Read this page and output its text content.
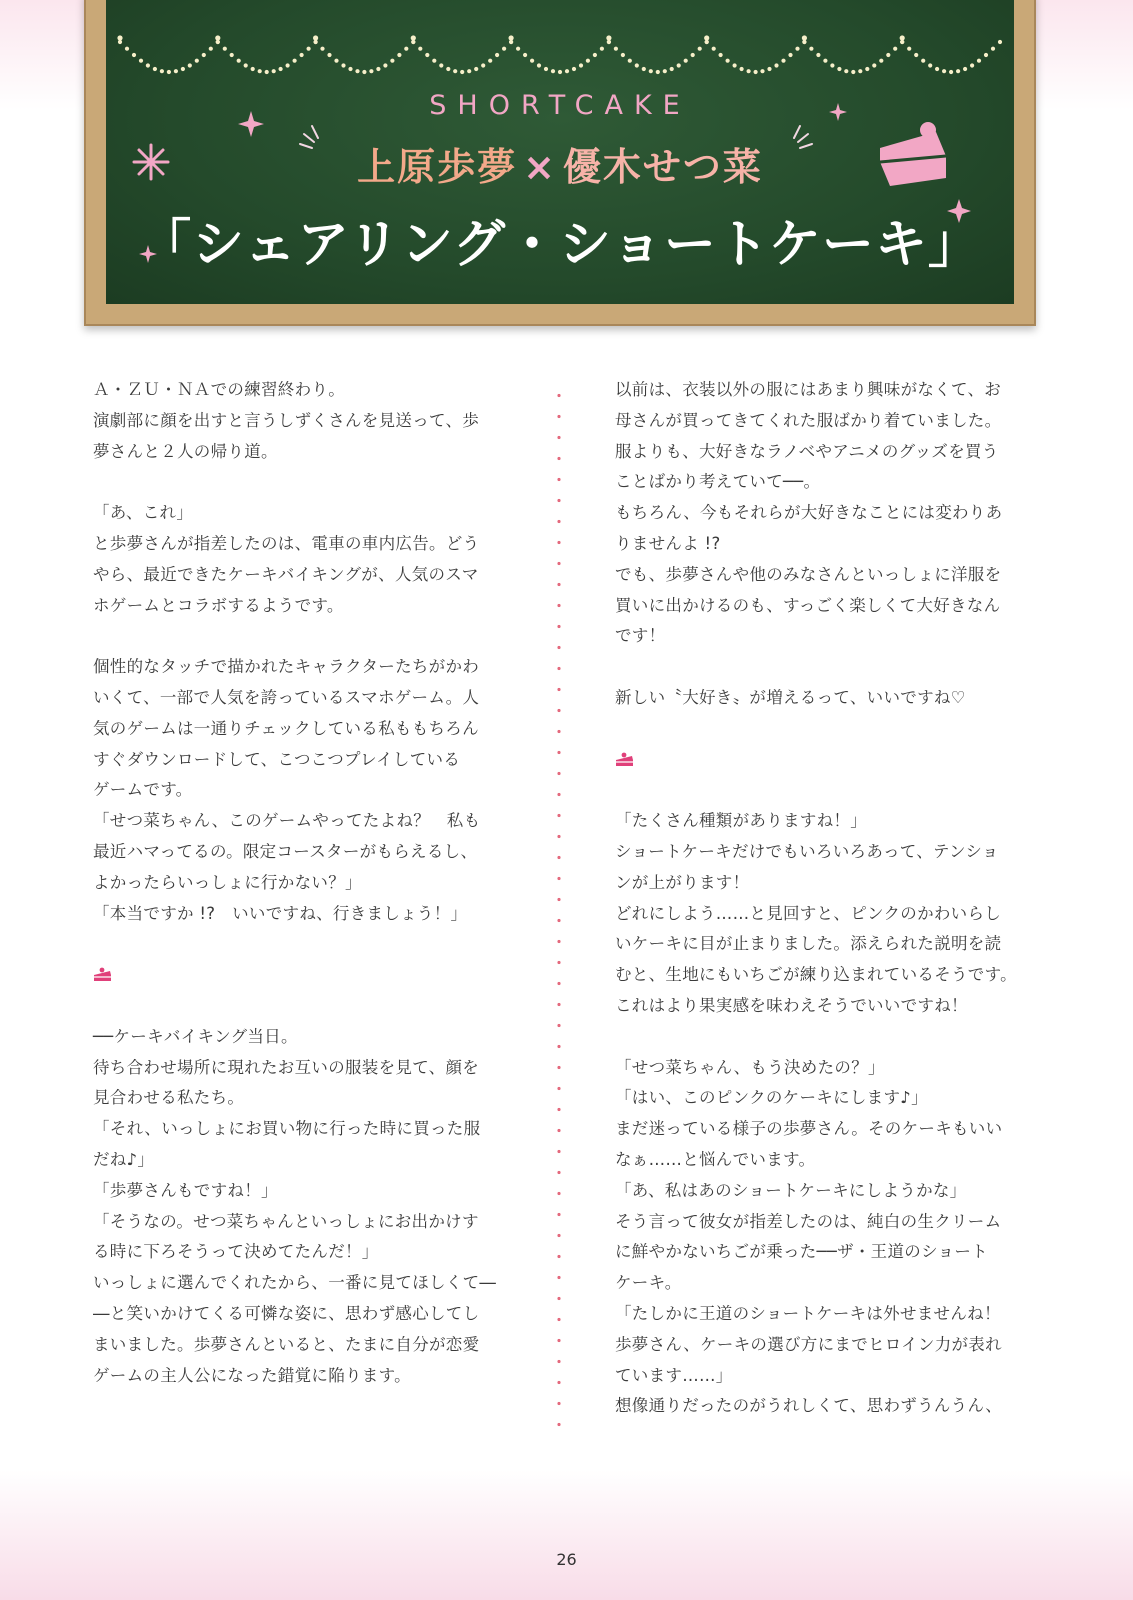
SHORTCAKE
上原歩夢 × 優木せつ菜
「シェアリング・ショートケーキ」

Ａ・ＺＵ・ＮＡでの練習終わり。

演劇部に顔を出すと言うしずくさんを見送って、歩
夢さんと２人の帰り道。

「あ、これ」

と歩夢さんが指差したのは、電車の車内広告。どう
やら、最近できたケーキバイキングが、人気のスマ
ホゲームとコラボするようです。

個性的なタッチで描かれたキャラクターたちがかわ
いくて、一部で人気を誇っているスマホゲーム。人
気のゲームは一通りチェックしている私ももちろん
すぐダウンロードして、こつこつプレイしている
ゲームです。

「せつ菜ちゃん、このゲームやってたよね？　私も
最近ハマってるの。限定コースターがもらえるし、
よかったらいっしょに行かない？」

「本当ですか !?　いいですね、行きましょう！」

──ケーキバイキング当日。

待ち合わせ場所に現れたお互いの服装を見て、顔を
見合わせる私たち。

「それ、いっしょにお買い物に行った時に買った服
だね♪」

「歩夢さんもですね！」

「そうなの。せつ菜ちゃんといっしょにお出かけす
る時に下ろそうって決めてたんだ！」

いっしょに選んでくれたから、一番に見てほしくて―
―と笑いかけてくる可憐な姿に、思わず感心してし
まいました。歩夢さんといると、たまに自分が恋愛
ゲームの主人公になった錯覚に陥ります。

以前は、衣装以外の服にはあまり興味がなくて、お
母さんが買ってきてくれた服ばかり着ていました。
服よりも、大好きなラノベやアニメのグッズを買う
ことばかり考えていて──。

もちろん、今もそれらが大好きなことには変わりあ
りませんよ !?

でも、歩夢さんや他のみなさんといっしょに洋服を
買いに出かけるのも、すっごく楽しくて大好きなん
です！

新しい〝大好き〟が増えるって、いいですね♡

「たくさん種類がありますね！」

ショートケーキだけでもいろいろあって、テンショ
ンが上がります！

どれにしよう……と見回すと、ピンクのかわいらし
いケーキに目が止まりました。添えられた説明を読
むと、生地にもいちごが練り込まれているそうです。
これはより果実感を味わえそうでいいですね！

「せつ菜ちゃん、もう決めたの？」

「はい、このピンクのケーキにします♪」

まだ迷っている様子の歩夢さん。そのケーキもいい
なぁ……と悩んでいます。

「あ、私はあのショートケーキにしようかな」

そう言って彼女が指差したのは、純白の生クリーム
に鮮やかないちごが乗った──ザ・王道のショート
ケーキ。

「たしかに王道のショートケーキは外せませんね！
歩夢さん、ケーキの選び方にまでヒロイン力が表れ
ています……」

想像通りだったのがうれしくて、思わずうんうん、

26
